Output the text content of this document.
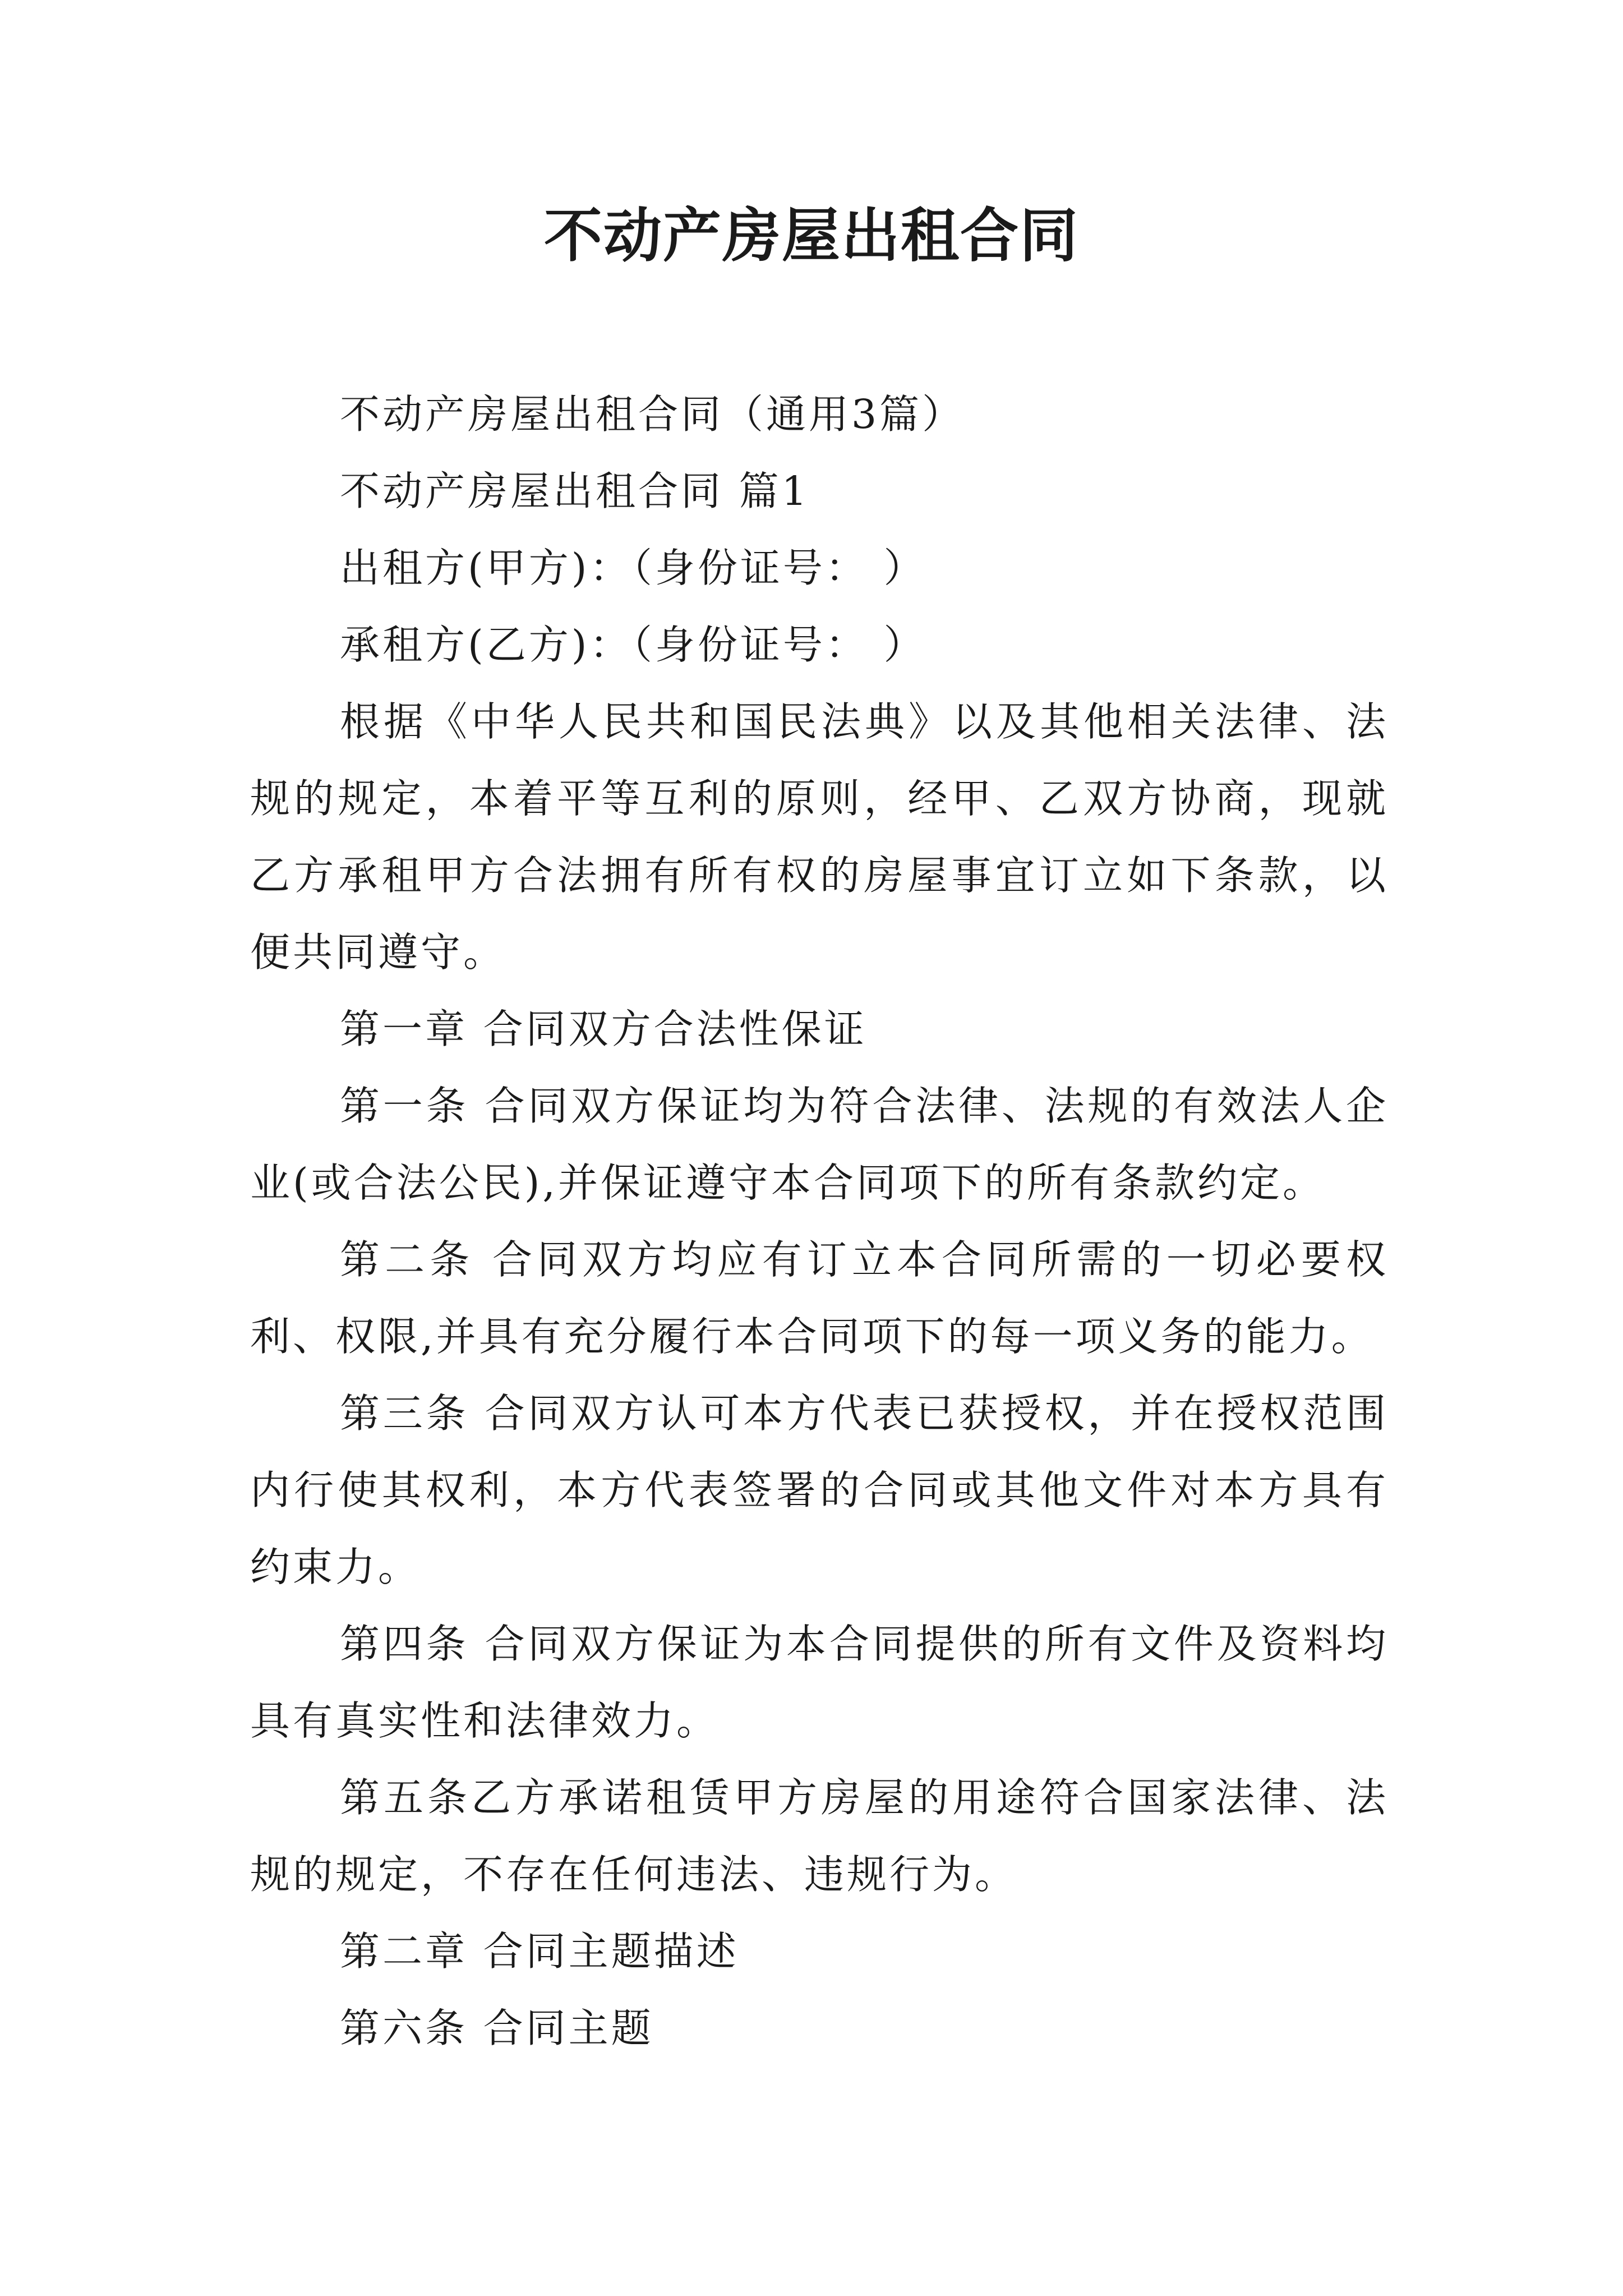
不动产房屋出租合同

不动产房屋出租合同（通用3篇）

不动产房屋出租合同 篇1

出租方(甲方)：（身份证号： ）

承租方(乙方)：（身份证号： ）

根据《中华人民共和国民法典》以及其他相关法律、法规的规定，本着平等互利的原则，经甲、乙双方协商，现就乙方承租甲方合法拥有所有权的房屋事宜订立如下条款，以便共同遵守。

第一章 合同双方合法性保证

第一条 合同双方保证均为符合法律、法规的有效法人企业(或合法公民),并保证遵守本合同项下的所有条款约定。

第二条 合同双方均应有订立本合同所需的一切必要权利、权限,并具有充分履行本合同项下的每一项义务的能力。

第三条 合同双方认可本方代表已获授权，并在授权范围内行使其权利，本方代表签署的合同或其他文件对本方具有约束力。

第四条 合同双方保证为本合同提供的所有文件及资料均具有真实性和法律效力。

第五条乙方承诺租赁甲方房屋的用途符合国家法律、法规的规定，不存在任何违法、违规行为。

第二章 合同主题描述

第六条 合同主题
